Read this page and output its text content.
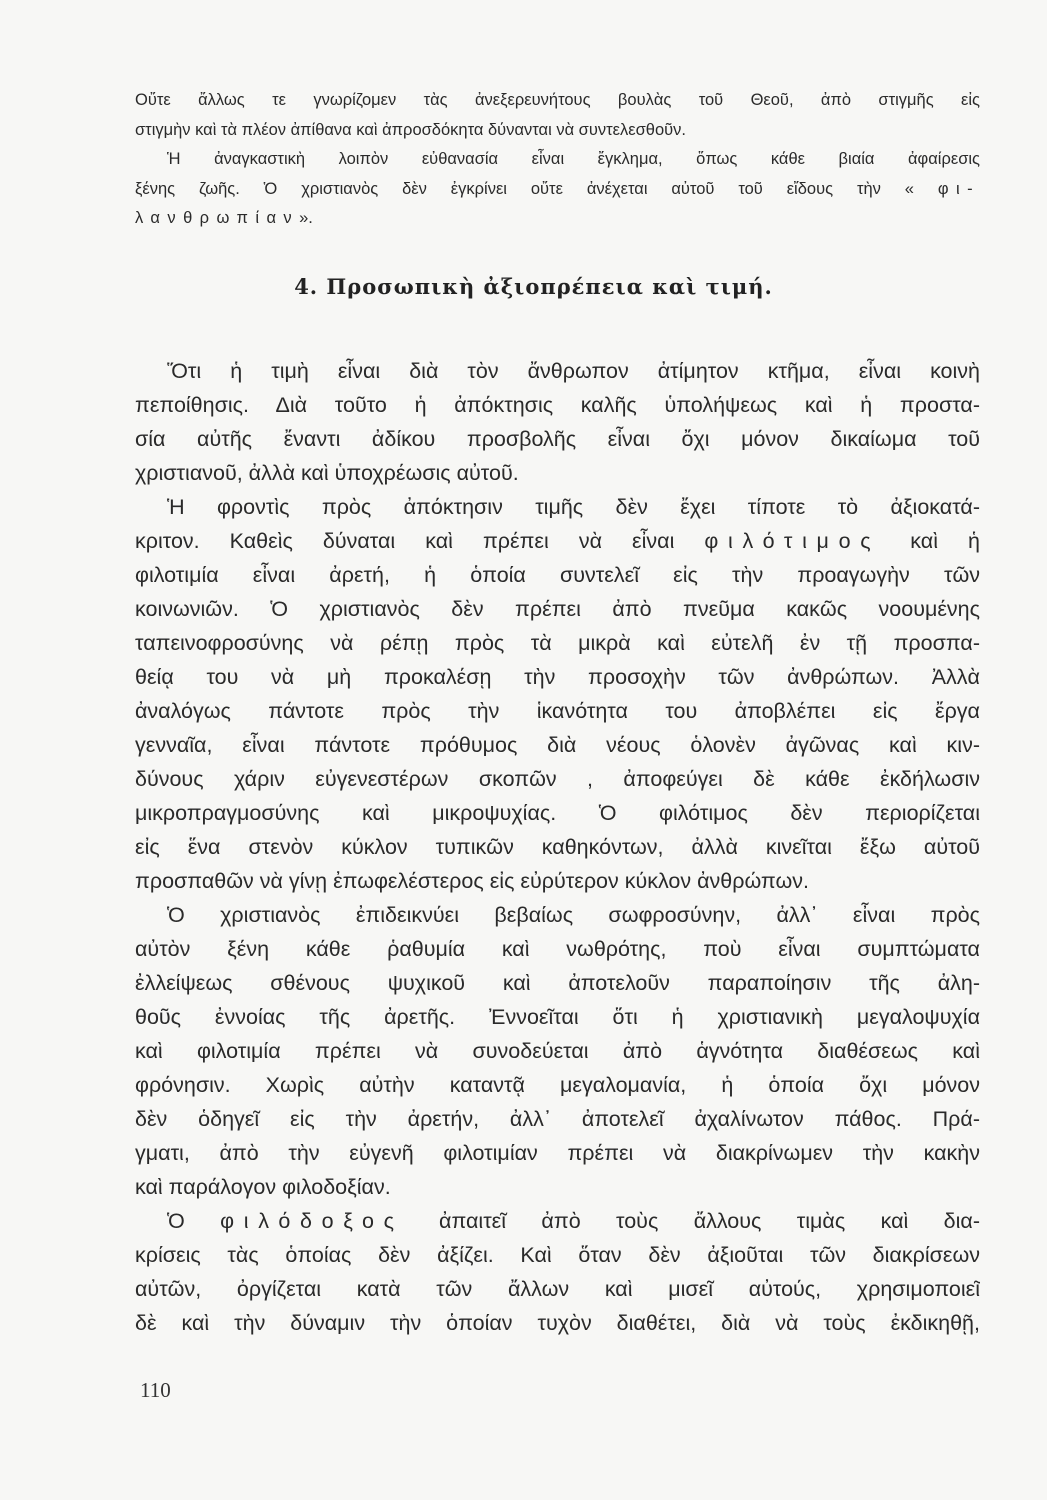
Οὔτε ἄλλως τε γνωρίζομεν τὰς ἀνεξερευνήτους βουλὰς τοῦ Θεοῦ, ἀπὸ στιγμῆς εἰς
στιγμὴν καὶ τὰ πλέον ἀπίθανα καὶ ἀπροσδόκητα δύνανται νὰ συντελεσθοῦν.
Ἡ ἀναγκαστικὴ λοιπὸν εὐθανασία εἶναι ἔγκλημα, ὅπως κάθε βιαία ἀφαίρεσις
ξένης ζωῆς. Ὁ χριστιανὸς δὲν ἐγκρίνει οὔτε ἀνέχεται αὐτοῦ τοῦ εἴδους τὴν « φι-
λανθρωπίαν».
4. Προσωπικὴ ἀξιοπρέπεια καὶ τιμή.
Ὅτι ἡ τιμὴ εἶναι διὰ τὸν ἄνθρωπον ἀτίμητον κτῆμα, εἶναι κοινὴ
πεποίθησις. Διὰ τοῦτο ἡ ἀπόκτησις καλῆς ὑπολήψεως καὶ ἡ προστα-
σία αὐτῆς ἔναντι ἀδίκου προσβολῆς εἶναι ὄχι μόνον δικαίωμα τοῦ
χριστιανοῦ, ἀλλὰ καὶ ὑποχρέωσις αὐτοῦ.
Ἡ φροντὶς πρὸς ἀπόκτησιν τιμῆς δὲν ἔχει τίποτε τὸ ἀξιοκατά-
κριτον. Καθεὶς δύναται καὶ πρέπει νὰ εἶναι φιλότιμος καὶ ἡ
φιλοτιμία εἶναι ἀρετή, ἡ ὁποία συντελεῖ εἰς τὴν προαγωγὴν τῶν
κοινωνιῶν. Ὁ χριστιανὸς δὲν πρέπει ἀπὸ πνεῦμα κακῶς νοουμένης
ταπεινοφροσύνης νὰ ρέπῃ πρὸς τὰ μικρὰ καὶ εὐτελῆ ἐν τῇ προσπα-
θείᾳ του νὰ μὴ προκαλέσῃ τὴν προσοχὴν τῶν ἀνθρώπων. Ἀλλὰ
ἀναλόγως πάντοτε πρὸς τὴν ἱκανότητα του ἀποβλέπει εἰς ἔργα
γενναῖα, εἶναι πάντοτε πρόθυμος διὰ νέους ὁλονὲν ἀγῶνας καὶ κιν-
δύνους χάριν εὐγενεστέρων σκοπῶν , ἀποφεύγει δὲ κάθε ἐκδήλωσιν
μικροπραγμοσύνης καὶ μικροψυχίας. Ὁ φιλότιμος δὲν περιορίζεται
εἰς ἕνα στενὸν κύκλον τυπικῶν καθηκόντων, ἀλλὰ κινεῖται ἔξω αὐτοῦ
προσπαθῶν νὰ γίνῃ ἐπωφελέστερος εἰς εὐρύτερον κύκλον ἀνθρώπων.
Ὁ χριστιανὸς ἐπιδεικνύει βεβαίως σωφροσύνην, ἀλλ᾽ εἶναι πρὸς
αὐτὸν ξένη κάθε ῥαθυμία καὶ νωθρότης, ποὺ εἶναι συμπτώματα
ἐλλείψεως σθένους ψυχικοῦ καὶ ἀποτελοῦν παραποίησιν τῆς ἀλη-
θοῦς ἐννοίας τῆς ἀρετῆς. Ἐννοεῖται ὅτι ἡ χριστιανικὴ μεγαλοψυχία
καὶ φιλοτιμία πρέπει νὰ συνοδεύεται ἀπὸ ἁγνότητα διαθέσεως καὶ
φρόνησιν. Χωρὶς αὐτὴν καταντᾷ μεγαλομανία, ἡ ὁποία ὄχι μόνον
δὲν ὁδηγεῖ εἰς τὴν ἀρετήν, ἀλλ᾽ ἀποτελεῖ ἀχαλίνωτον πάθος. Πρά-
γματι, ἀπὸ τὴν εὐγενῆ φιλοτιμίαν πρέπει νὰ διακρίνωμεν τὴν κακὴν
καὶ παράλογον φιλοδοξίαν.
Ὁ φιλόδοξος ἀπαιτεῖ ἀπὸ τοὺς ἄλλους τιμὰς καὶ δια-
κρίσεις τὰς ὁποίας δὲν ἀξίζει. Καὶ ὅταν δὲν ἀξιοῦται τῶν διακρίσεων
αὐτῶν, ὀργίζεται κατὰ τῶν ἄλλων καὶ μισεῖ αὐτούς, χρησιμοποιεῖ
δὲ καὶ τὴν δύναμιν τὴν ὁποίαν τυχὸν διαθέτει, διὰ νὰ τοὺς ἐκδικηθῇ,
110
